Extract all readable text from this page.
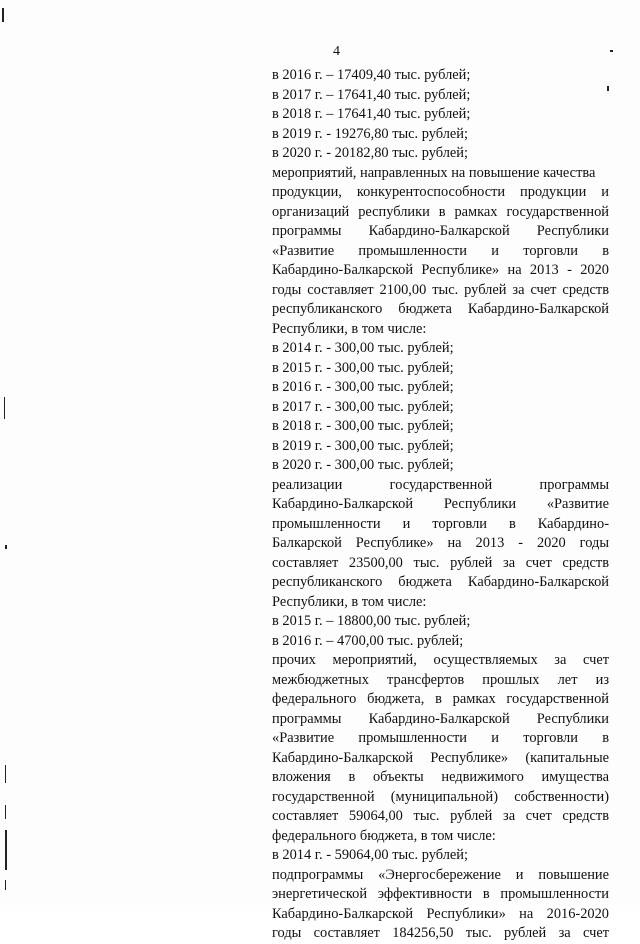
4
в 2016 г. – 17409,40 тыс. рублей;
в 2017 г. – 17641,40 тыс. рублей;
в 2018 г. – 17641,40 тыс. рублей;
в 2019 г. - 19276,80 тыс. рублей;
в 2020 г. - 20182,80 тыс. рублей;
мероприятий, направленных на повышение качества
продукции, конкурентоспособности продукции и
организаций республики в рамках государственной
программы Кабардино-Балкарской Республики
«Развитие промышленности и торговли в
Кабардино-Балкарской Республике» на 2013 - 2020
годы составляет 2100,00 тыс. рублей за счет средств
республиканского бюджета Кабардино-Балкарской
Республики, в том числе:
в 2014 г. - 300,00 тыс. рублей;
в 2015 г. - 300,00 тыс. рублей;
в 2016 г. - 300,00 тыс. рублей;
в 2017 г. - 300,00 тыс. рублей;
в 2018 г. - 300,00 тыс. рублей;
в 2019 г. - 300,00 тыс. рублей;
в 2020 г. - 300,00 тыс. рублей;
реализации государственной программы
Кабардино-Балкарской Республики «Развитие
промышленности и торговли в Кабардино-
Балкарской Республике» на 2013 - 2020 годы
составляет 23500,00 тыс. рублей за счет средств
республиканского бюджета Кабардино-Балкарской
Республики, в том числе:
в 2015 г. – 18800,00 тыс. рублей;
в 2016 г. – 4700,00 тыс. рублей;
прочих мероприятий, осуществляемых за счет
межбюджетных трансфертов прошлых лет из
федерального бюджета, в рамках государственной
программы Кабардино-Балкарской Республики
«Развитие промышленности и торговли в
Кабардино-Балкарской Республике» (капитальные
вложения в объекты недвижимого имущества
государственной (муниципальной) собственности)
составляет 59064,00 тыс. рублей за счет средств
федерального бюджета, в том числе:
в 2014 г. - 59064,00 тыс. рублей;
подпрограммы «Энергосбережение и повышение
энергетической эффективности в промышленности
Кабардино-Балкарской Республики» на 2016-2020
годы составляет 184256,50 тыс. рублей за счет
